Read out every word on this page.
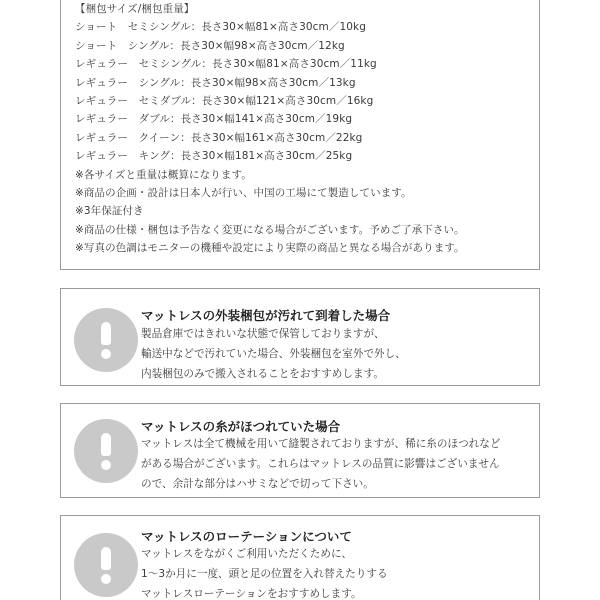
【梱包サイズ/梱包重量】
ショート　セミシングル：長さ30×幅81×高さ30cm／10kg
ショート　シングル：長さ30×幅98×高さ30cm／12kg
レギュラー　セミシングル：長さ30×幅81×高さ30cm／11kg
レギュラー　シングル：長さ30×幅98×高さ30cm／13kg
レギュラー　セミダブル：長さ30×幅121×高さ30cm／16kg
レギュラー　ダブル：長さ30×幅141×高さ30cm／19kg
レギュラー　クイーン：長さ30×幅161×高さ30cm／22kg
レギュラー　キング：長さ30×幅181×高さ30cm／25kg
※各サイズと重量は概算になります。
※商品の企画・設計は日本人が行い、中国の工場にて製造しています。
※3年保証付き
※商品の仕様・梱包は予告なく変更になる場合がございます。予めご了承下さい。
※写真の色調はモニターの機種や設定により実際の商品と異なる場合があります。
マットレスの外装梱包が汚れて到着した場合
製品倉庫ではきれいな状態で保管しておりますが、
輸送中などで汚れていた場合、外装梱包を室外で外し、
内装梱包のみで搬入されることをおすすめします。
マットレスの糸がほつれていた場合
マットレスは全て機械を用いて縫製されておりますが、稀に糸のほつれなど
がある場合がございます。これらはマットレスの品質に影響はございません
ので、余計な部分はハサミなどで切って下さい。
マットレスのローテーションについて
マットレスをながくご利用いただくために、
1～3か月に一度、頭と足の位置を入れ替えたりする
マットレスローテーションをおすすめします。
